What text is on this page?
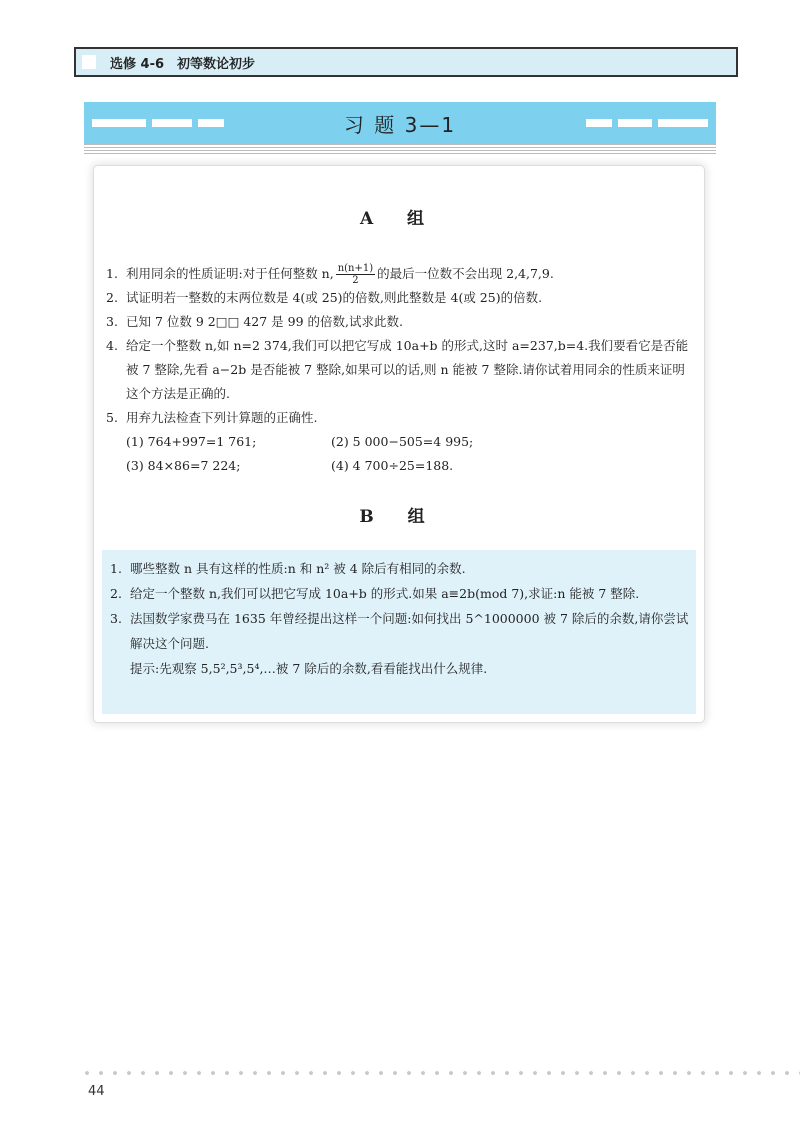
选修 4-6　初等数论初步
习 题 3—1
A 组
1. 利用同余的性质证明:对于任何整数 n, $\frac{n(n+1)}{2}$ 的最后一位数不会出现 2,4,7,9.
2. 试证明若一整数的末两位数是 4(或 25)的倍数,则此整数是 4(或 25)的倍数.
3. 已知 7 位数 9 2□□ 427 是 99 的倍数,试求此数.
4. 给定一个整数 n,如 n=2 374,我们可以把它写成 10a+b 的形式,这时 a=237,b=4.我们要看它是否能被 7 整除,先看 a−2b 是否能被 7 整除,如果可以的话,则 n 能被 7 整除.请你试着用同余的性质来证明这个方法是正确的.
5. 用弃九法检查下列计算题的正确性.
(1) 764+997=1 761;	(2) 5 000−505=4 995;
(3) 84×86=7 224;	(4) 4 700÷25=188.
B 组
1. 哪些整数 n 具有这样的性质:n 和 n² 被 4 除后有相同的余数.
2. 给定一个整数 n,我们可以把它写成 10a+b 的形式.如果 a≡2b(mod 7),求证:n 能被 7 整除.
3. 法国数学家费马在 1635 年曾经提出这样一个问题:如何找出 5^1000000 被 7 除后的余数,请你尝试解决这个问题.
提示:先观察 5,5²,5³,5⁴,…被 7 除后的余数,看看能找出什么规律.
44
